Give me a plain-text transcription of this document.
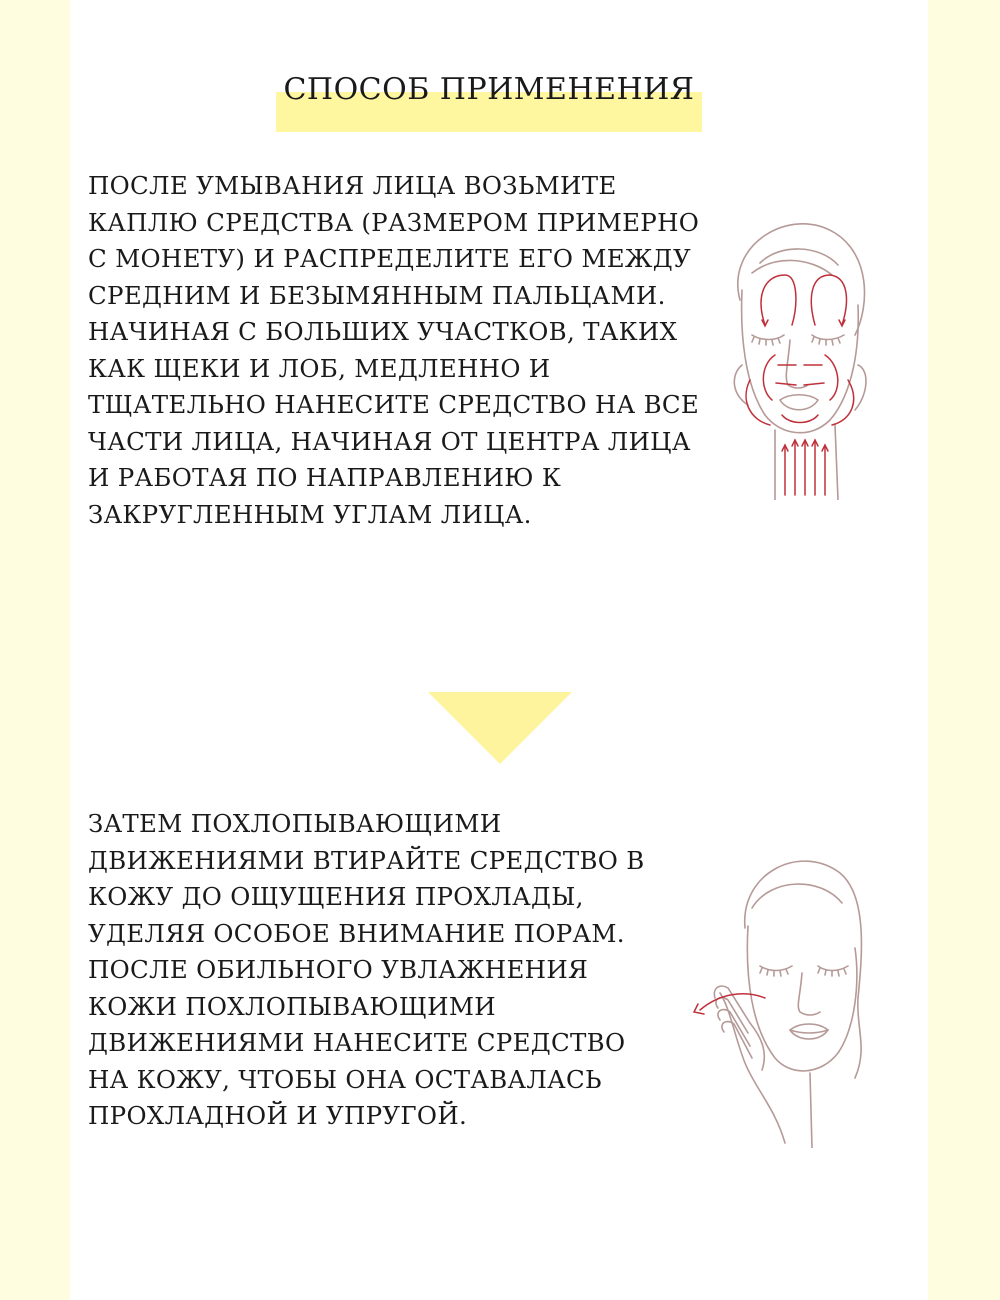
СПОСОБ ПРИМЕНЕНИЯ

ПОСЛЕ УМЫВАНИЯ ЛИЦА ВОЗЬМИТЕ
КАПЛЮ СРЕДСТВА (РАЗМЕРОМ ПРИМЕРНО
С МОНЕТУ) И РАСПРЕДЕЛИТЕ ЕГО МЕЖДУ
СРЕДНИМ И БЕЗЫМЯННЫМ ПАЛЬЦАМИ.
НАЧИНАЯ С БОЛЬШИХ УЧАСТКОВ, ТАКИХ
КАК ЩЕКИ И ЛОБ, МЕДЛЕННО И
ТЩАТЕЛЬНО НАНЕСИТЕ СРЕДСТВО НА ВСЕ
ЧАСТИ ЛИЦА, НАЧИНАЯ ОТ ЦЕНТРА ЛИЦА
И РАБОТАЯ ПО НАПРАВЛЕНИЮ К
ЗАКРУГЛЕННЫМ УГЛАМ ЛИЦА.

ЗАТЕМ ПОХЛОПЫВАЮЩИМИ
ДВИЖЕНИЯМИ ВТИРАЙТЕ СРЕДСТВО В
КОЖУ ДО ОЩУЩЕНИЯ ПРОХЛАДЫ,
УДЕЛЯЯ ОСОБОЕ ВНИМАНИЕ ПОРАМ.
ПОСЛЕ ОБИЛЬНОГО УВЛАЖНЕНИЯ
КОЖИ ПОХЛОПЫВАЮЩИМИ
ДВИЖЕНИЯМИ НАНЕСИТЕ СРЕДСТВО
НА КОЖУ, ЧТОБЫ ОНА ОСТАВАЛАСЬ
ПРОХЛАДНОЙ И УПРУГОЙ.
